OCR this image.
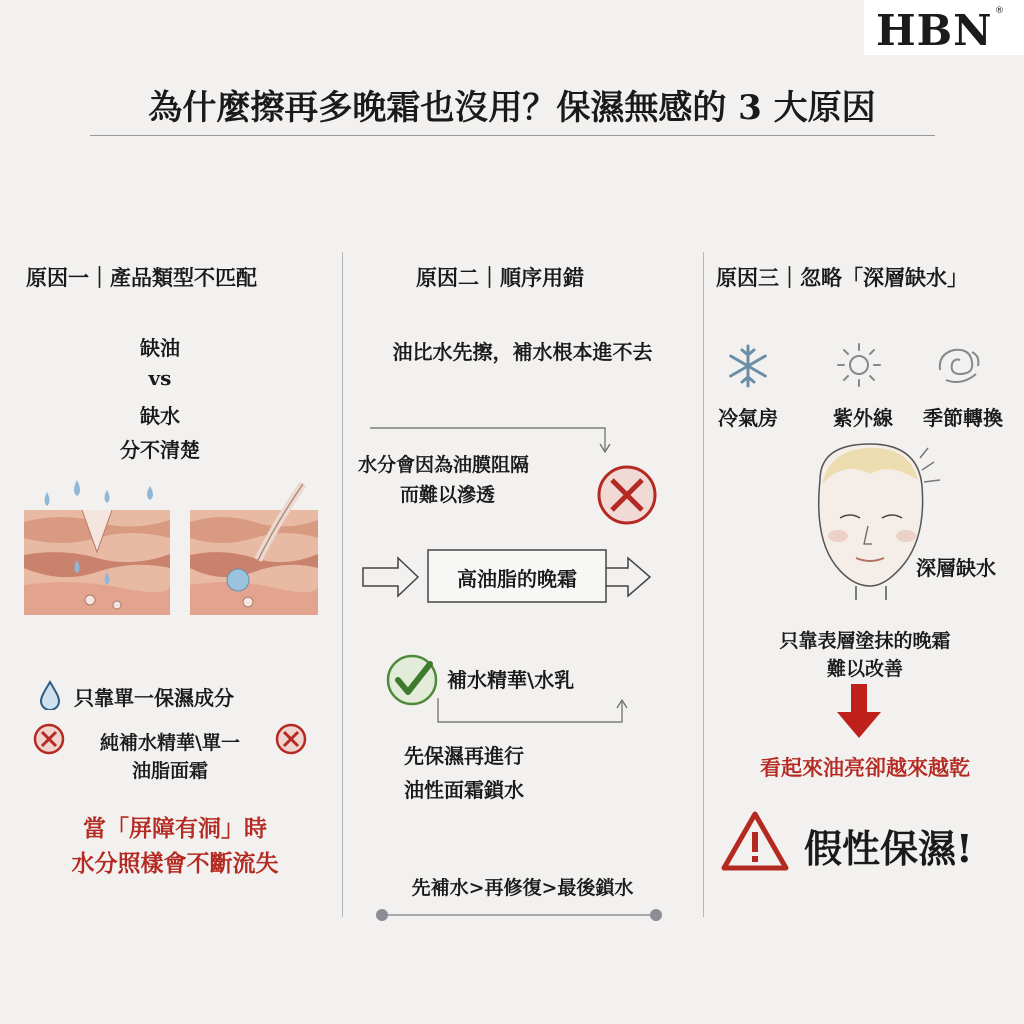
HBN ®
為什麼擦再多晚霜也沒用？保濕無感的 3 大原因
原因一｜產品類型不匹配
缺油
vs
缺水
分不清楚
只靠單一保濕成分
純補水精華\單一
油脂面霜
當「屏障有洞」時
水分照樣會不斷流失
原因二｜順序用錯
油比水先擦，補水根本進不去
水分會因為油膜阻隔
而難以滲透
高油脂的晚霜
補水精華\水乳
先保濕再進行
油性面霜鎖水
先補水>再修復>最後鎖水
原因三｜忽略「深層缺水」
冷氣房	紫外線	季節轉換
深層缺水
只靠表層塗抹的晚霜
難以改善
看起來油亮卻越來越乾
假性保濕!
